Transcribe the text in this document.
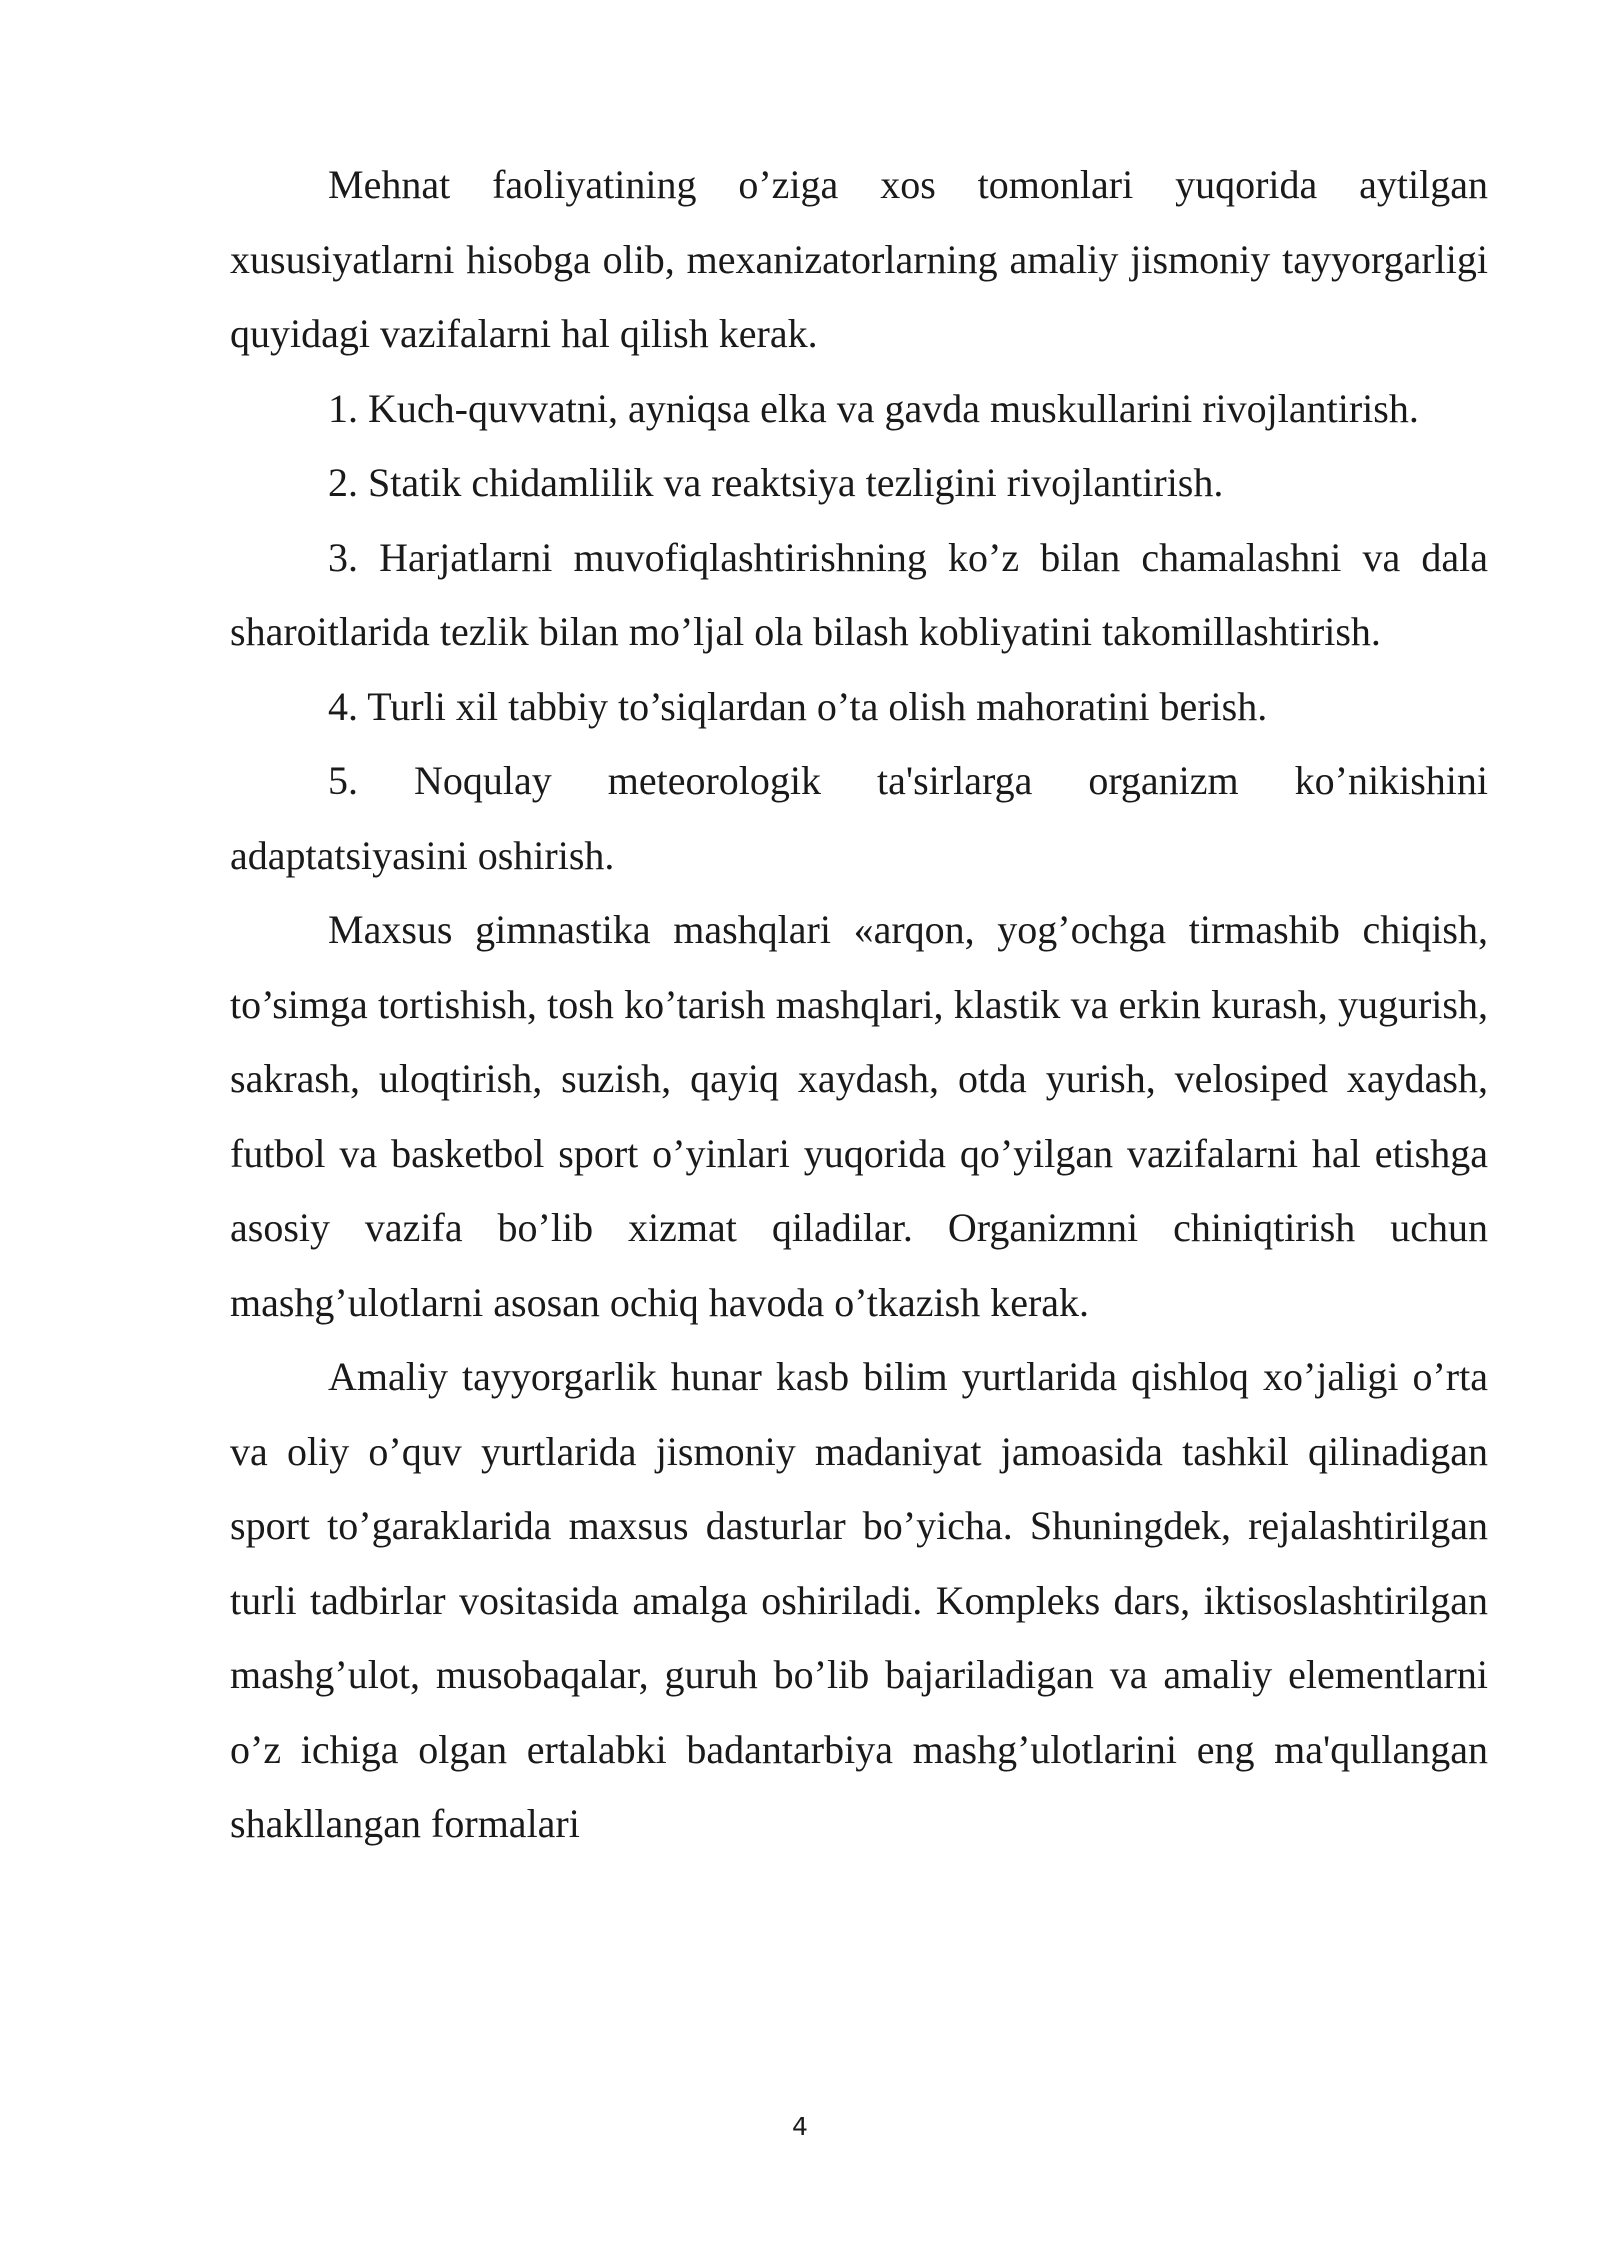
Mehnat faoliyatining o’ziga xos tomonlari yuqorida aytilgan xususiyatlarni hisobga olib, mexanizatorlarning amaliy jismoniy tayyorgarligi quyidagi vazifalarni hal qilish kerak.

1. Kuch-quvvatni, ayniqsa elka va gavda muskullarini rivojlantirish.

2. Statik chidamlilik va reaktsiya tezligini rivojlantirish.

3. Harjatlarni muvofiqlashtirishning ko’z bilan chamalashni va dala sharoitlarida tezlik bilan mo’ljal ola bilash kobliyatini takomillashtirish.

4. Turli xil tabbiy to’siqlardan o’ta olish mahoratini berish.

5. Noqulay meteorologik ta'sirlarga organizm ko’nikishini adaptatsiyasini oshirish.

Maxsus gimnastika mashqlari «arqon, yog’ochga tirmashib chiqish, to’simga tortishish, tosh ko’tarish mashqlari, klastik va erkin kurash, yugurish, sakrash, uloqtirish, suzish, qayiq xaydash, otda yurish, velosiped xaydash, futbol va basketbol sport o’yinlari yuqorida qo’yilgan vazifalarni hal etishga asosiy vazifa bo’lib xizmat qiladilar. Organizmni chiniqtirish uchun mashg’ulotlarni asosan ochiq havoda o’tkazish kerak.

Amaliy tayyorgarlik hunar kasb bilim yurtlarida qishloq xo’jaligi o’rta va oliy o’quv yurtlarida jismoniy madaniyat jamoasida tashkil qilinadigan sport to’garaklarida maxsus dasturlar bo’yicha. Shuningdek, rejalashtirilgan turli tadbirlar vositasida amalga oshiriladi. Kompleks dars, iktisoslashtirilgan mashg’ulot, musobaqalar, guruh bo’lib bajariladigan va amaliy elementlarni o’z ichiga olgan ertalabki badantarbiya mashg’ulotlarini eng ma'qullangan shakllangan formalari

4
